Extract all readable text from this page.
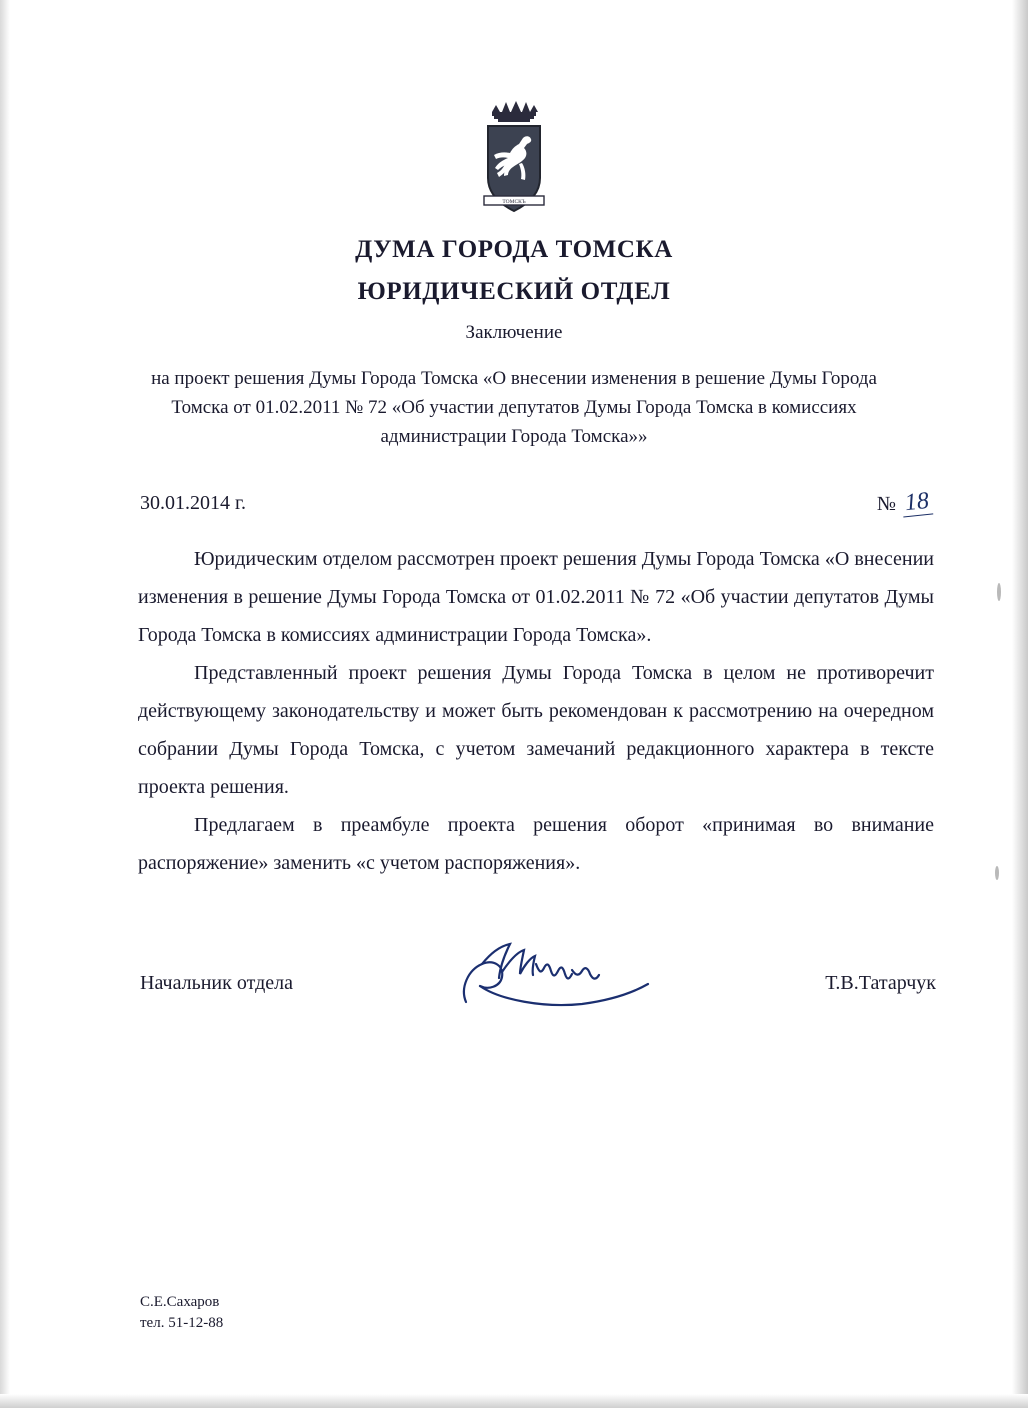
ТОМСКЪ
ДУМА ГОРОДА ТОМСКА
ЮРИДИЧЕСКИЙ ОТДЕЛ
Заключение
на проект решения Думы Города Томска «О внесении изменения в решение Думы Города Томска от 01.02.2011 № 72 «Об участии депутатов Думы Города Томска в комиссиях администрации Города Томска»»
30.01.2014 г.	№ 18

Юридическим отделом рассмотрен проект решения Думы Города Томска «О внесении изменения в решение Думы Города Томска от 01.02.2011 № 72 «Об участии депутатов Думы Города Томска в комиссиях администрации Города Томска».

Представленный проект решения Думы Города Томска в целом не противоречит действующему законодательству и может быть рекомендован к рассмотрению на очередном собрании Думы Города Томска, с учетом замечаний редакционного характера в тексте проекта решения.

Предлагаем в преамбуле проекта решения оборот «принимая во внимание распоряжение» заменить «с учетом распоряжения».

Начальник отдела	Т.В.Татарчук
С.Е.Сахаров
тел. 51-12-88
